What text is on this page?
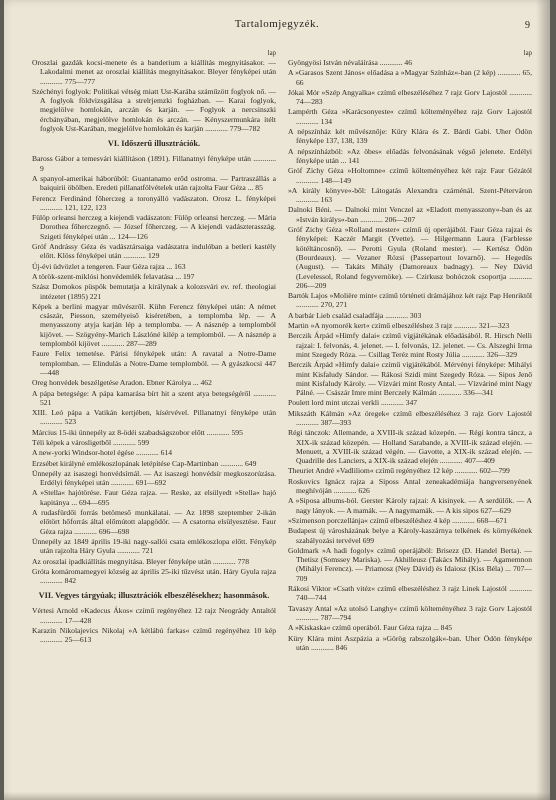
Tartalomjegyzék.	9
lap
Oroszlai gazdák kocsi-menete és a banderium a kiállítás megnyitásakor. — Lakodalmi menet az oroszlai kiállítás megnyitásakor. Bleyer fényképei után ............ 775—777
Széchényi foglyok: Politikai vétség miatt Ust-Karába száműzött foglyok nő. — A foglyok földvizsgálása a strelrjemzki fogházban. — Karai foglyok, megjelölve homlokán, arczán és karján. — Foglyok a nercsinszki ércbányában, megjelölve homlokán és arczán. — Kényszermunkára ítélt foglyok Ust-Karában, megjelölve homlokán és karján ............ 779—782
VI. Időszerű illusztrációk.
Baross Gábor a temesvári kiállításon (1891). Fillanatnyi fényképe után ............ 9
A spanyol-amerikai háborúból: Guantanamo erőd ostroma. — Partraszállás a baiquirii öbölben. Eredeti pillanatfölvételek után rajzolta Faur Géza ... 85
Ferencz Ferdinánd főherczeg a toronyálló vadászaton. Orosz L. fényképei ............ 121, 122, 123
Fülöp orleansi herczeg a kiejendi vadászaton: Fülöp orleansi herczeg. — Mária Dorothea főherczegnő. — József főherczeg. — A kiejendi vadászterasszág. Szigeti fényképei után ... 124—126
Gróf Andrássy Géza és vadásztársaiga vadászatra indulóban a betleri kastély előtt. Klöss fényképei után ............ 129
Új-évi üdvözlet a tengeren. Faur Géza rajza ... 163
A török-szent-miklósi honvédemlék felavatása ... 197
Szász Domokos püspök bemutatja a királynak a kolozsvári ev. ref. theologiai intézetet (1895) 221
Képek a berlini magyar művészről. Kühn Ferencz fényképei után: A német császár, Piesson, személyeiső kiséretében, a templomba lép. — A menyasszony atyja karján lép a templomba. — A násznép a templomból kijövet. — Szögyény-Marich Lászlóné kilép a templomból. — A násznép a templomból kijövet ............ 287—289
Faure Felix temetése. Párisi fényképek után: A ravatal a Notre-Dame templomban. — Elindulás a Notre-Dame templomból. — A gyászkocsi 447—448
Oreg honvédek beszélgetése Aradon. Ebner Károlya ... 462
A pápa betegsége: A pápa kamarása bírt hit a szent atya betegségéről ............ 521
XIII. Leó pápa a Vatikán kertjében, kísérvével. Pillanatnyi fényképe után ............ 523
Március 15-iki ünnepély az 8-ödéi szabadságszobor előtt ............ 595
Téli képek a városligetből ............ 599
A new-yorki Windsor-hotel égése ............ 614
Erzsébet királyné emlékoszlopának letépítése Cap-Martinban ............ 649
Ünnepély az isaszegi honvédsírnál. — Az isaszegi honvédsír megkoszorúzása. Erdélyi fényképei után ............ 691—692
A »Stella« hajótörése. Faur Géza rajza. — Reske, az elsülyedt »Stella« hajó kapitánya ... 694—695
A rudasfürdői forrás betömeső munkálatai. — Az 1898 szeptember 2-ikán előtört hőforrás által előmútott alapgödör. — A csatorna elsülyesztése. Faur Géza rajza ............ 696—698
Ünnepély az 1849 április 19-iki nagy-sallói csata emlékoszlopa előtt. Fénykép után rajzolta Háry Gyula ............ 721
Az oroszlai ipadkiállítás megnyitása. Bleyer fényképe után ............ 778
Gróta komáromamegyei község az április 25-iki tűzvész után. Háry Gyula rajza ............ 842
VII. Vegyes tárgyúak; illusztrációk elbeszélésekhez; hasonmások.
Vértesi Arnold »Kadecus Ákos« czímű regényéhez 12 rajz Neogrády Antaltól ............ 17—428
Karazin Nikolajevics Nikolaj »A kétlábú farkas« czímű regényéhez 10 kép ............ 25—613
lap
Gyöngyösi István névaláírása ............ 46
A »Garasos Szent János« előadása a »Magyar Színház«-ban (2 kép) ............ 65, 66
Jókai Mór »Szép Angyalka« czímű elbeszéléséhez 7 rajz Gorv Lajostól ............ 74—283
Lampérth Géza »Karácsonyeste« czímű költeményéhez rajz Gorv Lajostól ............ 134
A népszínház két művésznője: Küry Klára és Z. Bárdi Gabi. Uher Ödön fényképe 137, 138, 139
A népszínházból: »Az öbes« előadás felvonásának végső jelenete. Erdélyi fényképe után ... 141
Gróf Zichy Géza »Holtomne« czímű költeményéhez két rajz Faur Gézától ............ 148—149
»A király könyve«-ből: Látogatás Alexandra czárnénál. Szent-Péterváron ............ 163
Dalnoki Béni. — Dalnoki mint Venczel az »Eladott menyasszony«-ban és az »István királys«-ban ............ 206—207
Gróf Zichy Géza »Rolland mester« czímű új operájából. Faur Géza rajzai és fényképei: Kaczér Margit (Yvette). — Hilgermann Laura (Farblesse kötéltáncosnő). — Perotti Gyula (Roland mester). — Kertész Ödön (Bourdeaux). — Vezaner Rózsi (Passepartout lovarnő). — Hegedüs (August). — Takáts Mihály (Damoreaux badnagy). — Ney Dávid (Levelessol, Roland fegyvernöke). — Czirkusz bohóczok csoportja ............ 206—209
Bartók Lajos »Molière mint« czímű történeti drámájához két rajz Pap Henriktől ............ 270, 271
A barbár Lieb család csaladfája ............ 303
Martin »A nyomorék kert« czímű elbeszéléshez 3 rajz ............ 321—323
Berczik Árpád »Himfy dalai« czímű vígjátékának előadásából. R. Hirsch Nelli rajzai: I. felvonás, 4. jelenet. — I. felvonás, 12. jelenet. — Cs. Alszeghi Irma mint Szegedy Róza. — Csillag Teréz mint Rosty Júlia ............ 326—329
Berczik Árpád »Himfy dalai« czímű vígjátékából. Mérvényi fényképe: Mihályi mint Kisfaludy Sándor. — Rákosi Szidi mint Szegedy Róza. — Sipos Jenő mint Kisfaludy Károly. — Vízvári mint Rosty Antal. — Vízváriné mint Nagy Pálné. — Császár Imre mint Berczely Kálmán ............ 336—341
Poulett lord mint utczai verkli ............ 347
Mikszáth Kálmán »Az öregek« czímű elbeszéléséhez 3 rajz Gorv Lajostól ............ 387—393
Régi tánczok: Allemande, a XVIII-ik század közepén. — Régi kontra táncz, a XIX-ik század közepén. — Holland Sarabande, a XVIII-ik század elején. — Menuett, a XVIII-ik század végén. — Gavotte, a XIX-ik század elején. — Quadrille des Lanciers, a XIX-ik század elején ............ 407—409
Theuriet André »Vadliliom« czímű regényéhez 12 kép ............ 602—799
Roskovics Ignácz rajza a Siposs Antal zeneakadémiája hangversenyének meghívóján ............ 626
A »Siposa albums-ból. Gerster Károly rajzai: A kisinyek. — A serdülők. — A nagy lányok. — A mamák. — A nagymamák. — A kis sipos 627—629
»Szimenson porczellánja« czímű elbeszéléshez 4 kép ............ 668—671
Budapest új városházának belye a Károly-kaszárnya telkének és környékének szabályozási tervével 699
Goldmark »A hadi fogoly« czímű operájából: Brisezz (D. Handel Berta). — Thetisz (Somssey Mariska). — Akhilleusz (Takács Mihály). — Agamemnon (Mihályi Ferencz). — Priamosz (Ney Dávid) és Idaiosz (Kiss Béla) ... 707—709
Rákosi Viktor »Csath vitéz« czímű elbeszéléshez 3 rajz Linek Lajostól ............ 740—744
Tavaszy Antal »Az utolsó Langhy« czímű költeményéhez 3 rajz Gorv Lajostól ............ 787—794
A »Kiskaska« czímű operából. Faur Géza rajza ... 845
Küry Klára mint Aszpázia a »Görög rabszolgák«-ban. Uher Ödön fényképe után ............ 846
